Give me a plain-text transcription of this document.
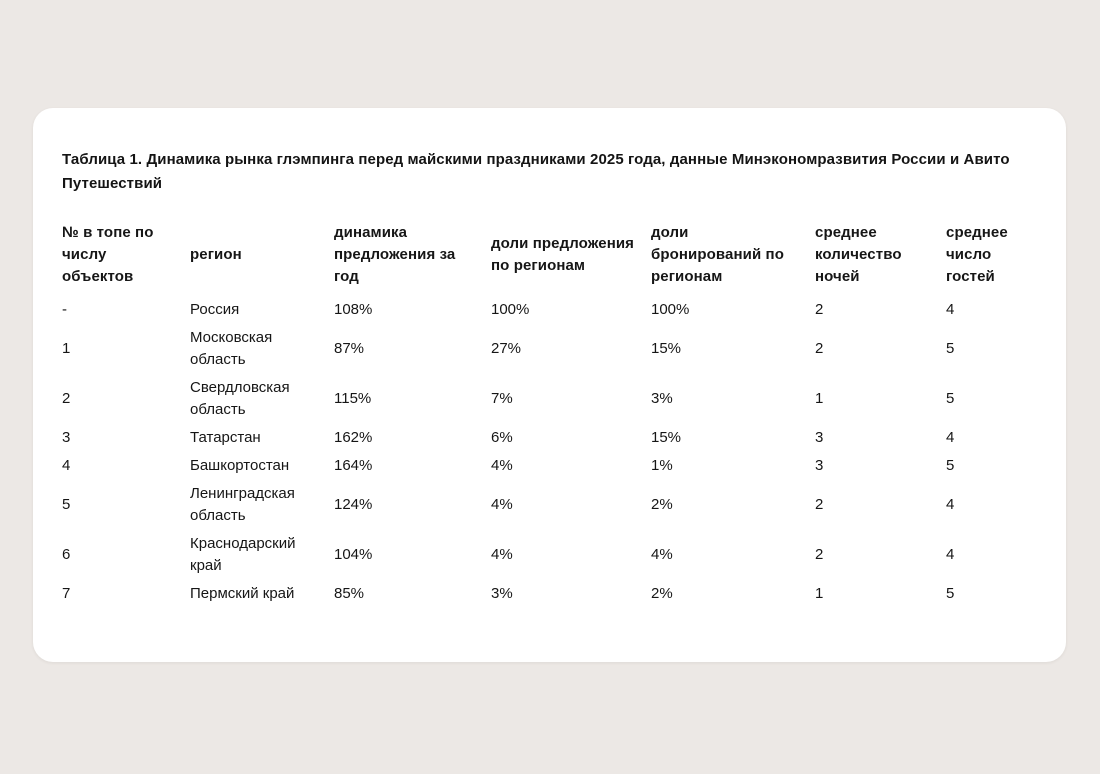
Таблица 1. Динамика рынка глэмпинга перед майскими праздниками 2025 года, данные Минэкономразвития России и Авито Путешествий
№ в топе по числу объектов	регион	динамика предложения за год	доли предложения по регионам	доли бронирований по регионам	среднее количество ночей	среднее число гостей
-	Россия	108%	100%	100%	2	4
1	Московская область	87%	27%	15%	2	5
2	Свердловская область	115%	7%	3%	1	5
3	Татарстан	162%	6%	15%	3	4
4	Башкортостан	164%	4%	1%	3	5
5	Ленинградская область	124%	4%	2%	2	4
6	Краснодарский край	104%	4%	4%	2	4
7	Пермский край	85%	3%	2%	1	5
